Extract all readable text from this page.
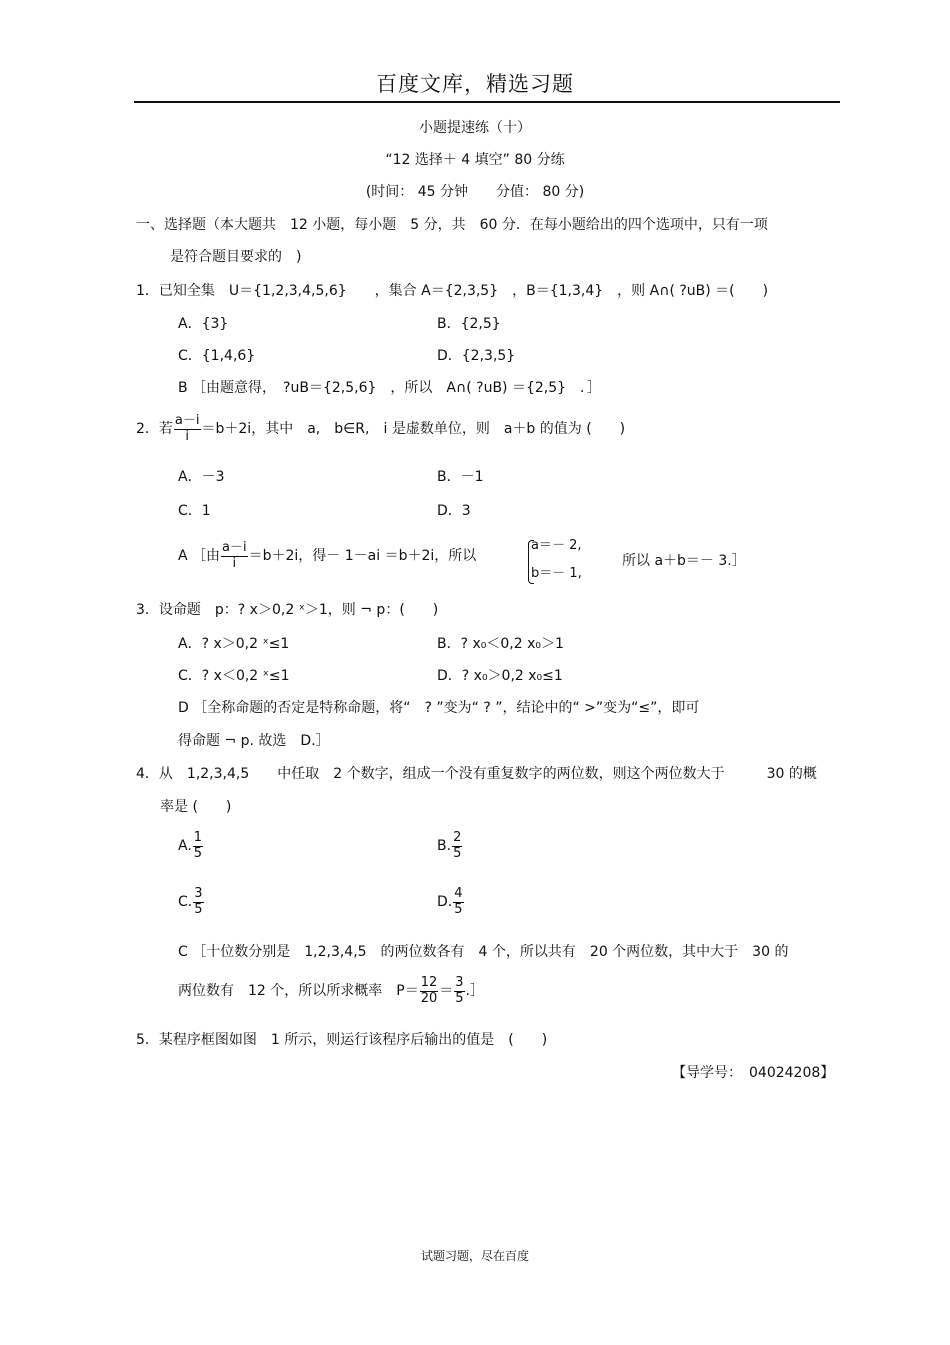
百度文库，精选习题
小题提速练（十）
“12 选择＋ 4 填空” 80 分练
(时间： 45 分钟　　分值： 80 分)
一、选择题（本大题共　12 小题，每小题　5 分，共　60 分．在每小题给出的四个选项中，只有一项
是符合题目要求的　)
1．已知全集　U＝{1,2,3,4,5,6}　　，集合 A＝{2,3,5}　，B＝{1,3,4}　，则 A∩( ?uB) ＝(　　)
A．{3}	B．{2,5}
C．{1,4,6}	D．{2,3,5}
B ［由题意得，　?uB＝{2,5,6}　，所以　A∩( ?uB) ＝{2,5}　．］
2．若 $\frac{a-i}{i} =b+2i$，其中　a,　b∈R,　i 是虚数单位，则　a＋b 的值为 (　　)
A．－3	B．－1
C．1	D．3
A ［由 $\frac{a-i}{i} =b+2i$，得－ 1－ai ＝b＋2i，所以
a＝－ 2,
b＝－ 1,
所以 a＋b＝－ 3.］
3．设命题　p：? x＞0,2 ˣ＞1，则 ¬ p：(　　)
A．? x＞0,2 ˣ≤1	B．? x₀＜0,2 x₀＞1
C．? x＜0,2 ˣ≤1	D．? x₀＞0,2 x₀≤1
D ［全称命题的否定是特称命题，将“　? ”变为“ ? ”，结论中的“ >”变为“≤”，即可
得命题 ¬ p. 故选　D.］
4．从　1,2,3,4,5　　中任取　2 个数字，组成一个没有重复数字的两位数，则这个两位数大于　　　30 的概
率是 (　　)
A. $\frac{1}{5}$	B. $\frac{2}{5}$
C. $\frac{3}{5}$	D. $\frac{4}{5}$
C ［十位数分别是　1,2,3,4,5　的两位数各有　4 个，所以共有　20 个两位数，其中大于　30 的
两位数有　12 个，所以所求概率　$P= \frac{12}{20} = \frac{3}{5}$ .］
5．某程序框图如图　1 所示，则运行该程序后输出的值是　(　　)
【导学号：　04024208】
试题习题，尽在百度
